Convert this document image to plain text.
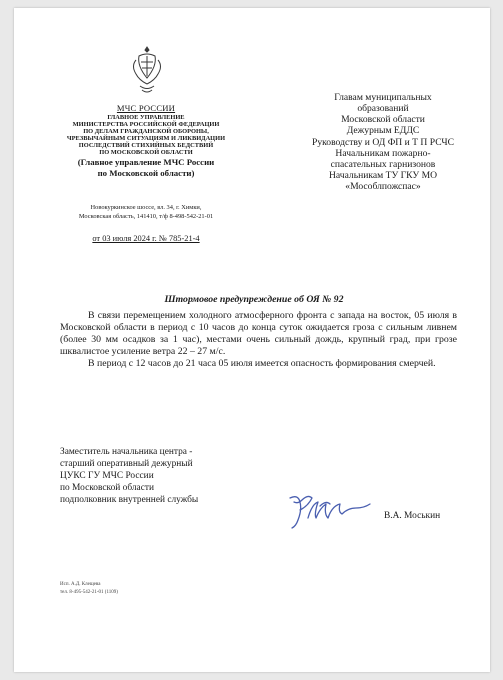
МЧС РОССИИ
ГЛАВНОЕ УПРАВЛЕНИЕ
МИНИСТЕРСТВА РОССИЙСКОЙ ФЕДЕРАЦИИ
ПО ДЕЛАМ ГРАЖДАНСКОЙ ОБОРОНЫ,
ЧРЕЗВЫЧАЙНЫМ СИТУАЦИЯМ И ЛИКВИДАЦИИ
ПОСЛЕДСТВИЙ СТИХИЙНЫХ БЕДСТВИЙ
ПО МОСКОВСКОЙ ОБЛАСТИ
(Главное управление МЧС России
по Московской области)
Новокуркинское шоссе, вл. 34, г. Химки,
Московская область, 141410, т/ф 8-498-542-21-01
от 03 июля 2024 г. № 785-21-4
Главам муниципальных
образований
Московской области
Дежурным ЕДДС
Руководству и ОД ФП и Т П РСЧС
Начальникам пожарно-
спасательных гарнизонов
Начальникам ТУ ГКУ МО
«Мособлпожспас»
Штормовое предупреждение об ОЯ № 92

В связи перемещением холодного атмосферного фронта с запада на восток, 05 июля в Московской области в период с 10 часов до конца суток ожидается гроза с сильным ливнем (более 30 мм осадков за 1 час), местами очень сильный дождь, крупный град, при грозе шквалистое усиление ветра 22 – 27 м/с.

В период с 12 часов до 21 часа 05 июля имеется опасность формирования смерчей.

Заместитель начальника центра -
старший оперативный дежурный
ЦУКС ГУ МЧС России
по Московской области
подполковник внутренней службы
В.А. Моськин
Исп. А.Д. Клещева
тел. 8-495-542-21-01 (1109)
